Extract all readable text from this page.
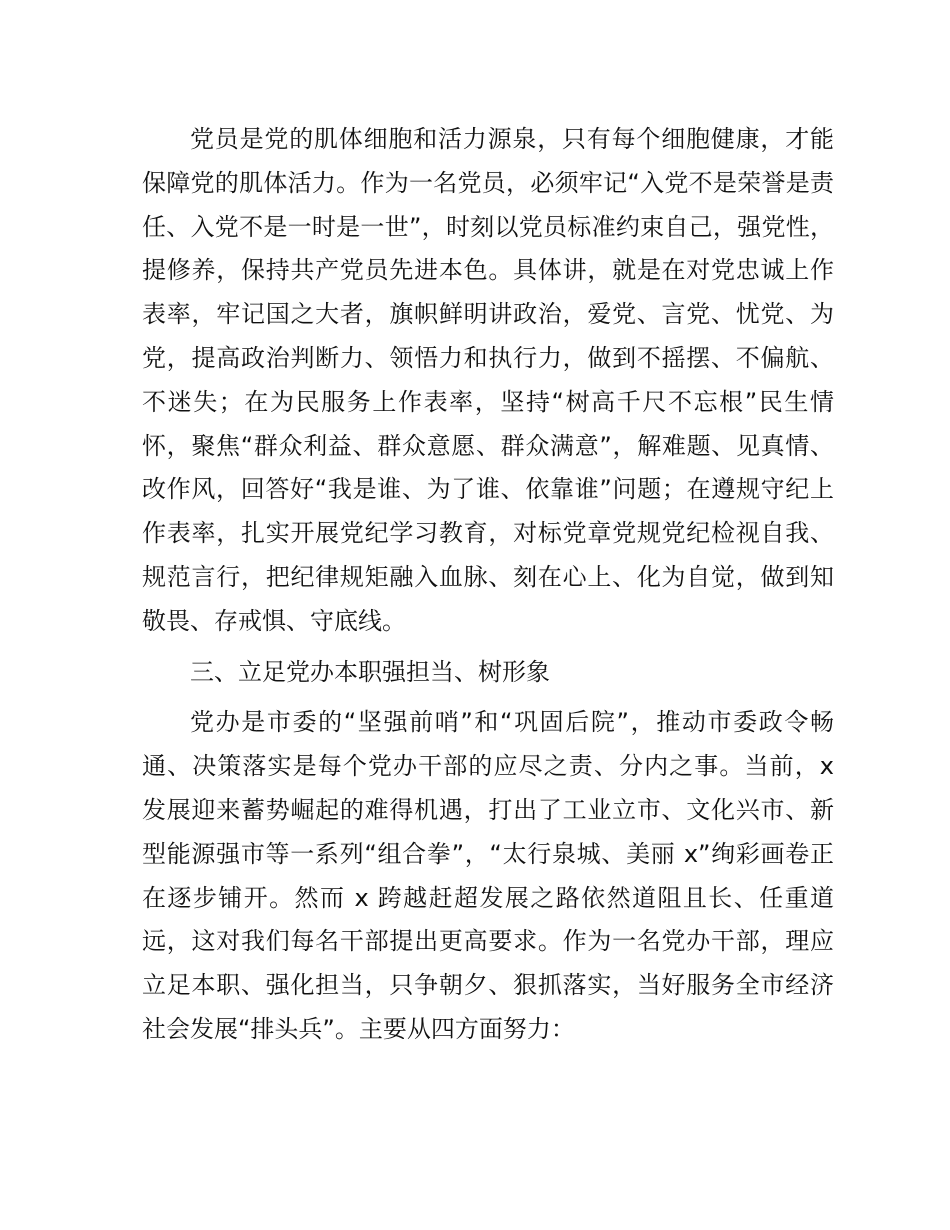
党员是党的肌体细胞和活力源泉，只有每个细胞健康，才能保障党的肌体活力。作为一名党员，必须牢记“入党不是荣誉是责任、入党不是一时是一世”，时刻以党员标准约束自己，强党性，提修养，保持共产党员先进本色。具体讲，就是在对党忠诚上作表率，牢记国之大者，旗帜鲜明讲政治，爱党、言党、忧党、为党，提高政治判断力、领悟力和执行力，做到不摇摆、不偏航、不迷失；在为民服务上作表率，坚持“树高千尺不忘根”民生情怀，聚焦“群众利益、群众意愿、群众满意”，解难题、见真情、改作风，回答好“我是谁、为了谁、依靠谁”问题；在遵规守纪上作表率，扎实开展党纪学习教育，对标党章党规党纪检视自我、规范言行，把纪律规矩融入血脉、刻在心上、化为自觉，做到知敬畏、存戒惧、守底线。

三、立足党办本职强担当、树形象

党办是市委的“坚强前哨”和“巩固后院”，推动市委政令畅通、决策落实是每个党办干部的应尽之责、分内之事。当前，x 发展迎来蓄势崛起的难得机遇，打出了工业立市、文化兴市、新型能源强市等一系列“组合拳”，“太行泉城、美丽 x”绚彩画卷正在逐步铺开。然而 x 跨越赶超发展之路依然道阻且长、任重道远，这对我们每名干部提出更高要求。作为一名党办干部，理应立足本职、强化担当，只争朝夕、狠抓落实，当好服务全市经济社会发展“排头兵”。主要从四方面努力：
